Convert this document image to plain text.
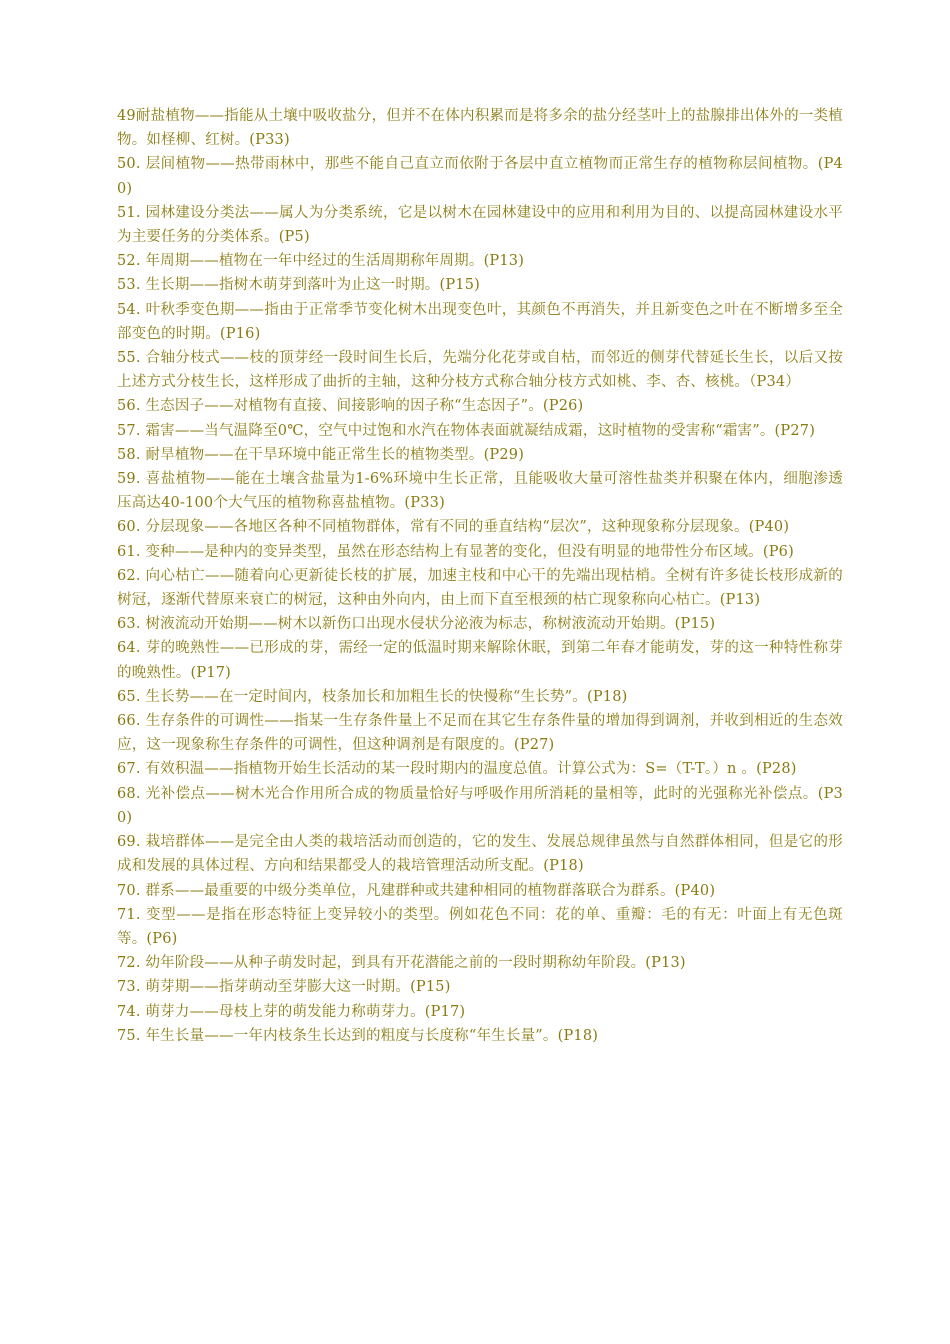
49耐盐植物——指能从土壤中吸收盐分，但并不在体内积累而是将多余的盐分经茎叶上的盐腺排出体外的一类植物。如柽柳、红树。(P33)

50. 层间植物——热带雨林中，那些不能自己直立而依附于各层中直立植物而正常生存的植物称层间植物。(P40)

51. 园林建设分类法——属人为分类系统，它是以树木在园林建设中的应用和利用为目的、以提高园林建设水平为主要任务的分类体系。(P5)

52. 年周期——植物在一年中经过的生活周期称年周期。(P13)

53. 生长期——指树木萌芽到落叶为止这一时期。(P15)

54. 叶秋季变色期——指由于正常季节变化树木出现变色叶，其颜色不再消失，并且新变色之叶在不断增多至全部变色的时期。(P16)

55. 合轴分枝式——枝的顶芽经一段时间生长后，先端分化花芽或自枯，而邻近的侧芽代替延长生长，以后又按上述方式分枝生长，这样形成了曲折的主轴，这种分枝方式称合轴分枝方式如桃、李、杏、核桃。（P34）

56. 生态因子——对植物有直接、间接影响的因子称“生态因子”。(P26)

57. 霜害——当气温降至0℃，空气中过饱和水汽在物体表面就凝结成霜，这时植物的受害称“霜害”。(P27)

58. 耐旱植物——在干旱环境中能正常生长的植物类型。(P29)

59. 喜盐植物——能在土壤含盐量为1-6%环境中生长正常，且能吸收大量可溶性盐类并积聚在体内，细胞渗透压高达40-100个大气压的植物称喜盐植物。(P33)

60. 分层现象——各地区各种不同植物群体，常有不同的垂直结构“层次”，这种现象称分层现象。(P40)

61. 变种——是种内的变异类型，虽然在形态结构上有显著的变化，但没有明显的地带性分布区域。(P6)

62. 向心枯亡——随着向心更新徒长枝的扩展，加速主枝和中心干的先端出现枯梢。全树有许多徒长枝形成新的树冠，逐渐代替原来衰亡的树冠，这种由外向内，由上而下直至根颈的枯亡现象称向心枯亡。(P13)

63. 树液流动开始期——树木以新伤口出现水侵状分泌液为标志，称树液流动开始期。(P15)

64. 芽的晚熟性——已形成的芽，需经一定的低温时期来解除休眠，到第二年春才能萌发，芽的这一种特性称芽的晚熟性。(P17)

65. 生长势——在一定时间内，枝条加长和加粗生长的快慢称“生长势”。(P18)

66. 生存条件的可调性——指某一生存条件量上不足而在其它生存条件量的增加得到调剂，并收到相近的生态效应，这一现象称生存条件的可调性，但这种调剂是有限度的。(P27)

67. 有效积温——指植物开始生长活动的某一段时期内的温度总值。计算公式为：S=（T-T。）n 。(P28)

68. 光补偿点——树木光合作用所合成的物质量恰好与呼吸作用所消耗的量相等，此时的光强称光补偿点。(P30)

69. 栽培群体——是完全由人类的栽培活动而创造的，它的发生、发展总规律虽然与自然群体相同，但是它的形成和发展的具体过程、方向和结果都受人的栽培管理活动所支配。(P18)

70. 群系——最重要的中级分类单位，凡建群种或共建种相同的植物群落联合为群系。(P40)

71. 变型——是指在形态特征上变异较小的类型。例如花色不同：花的单、重瓣：毛的有无：叶面上有无色斑等。(P6)

72. 幼年阶段——从种子萌发时起，到具有开花潜能之前的一段时期称幼年阶段。(P13)

73. 萌芽期——指芽萌动至芽膨大这一时期。(P15)

74. 萌芽力——母枝上芽的萌发能力称萌芽力。(P17)

75. 年生长量——一年内枝条生长达到的粗度与长度称“年生长量”。(P18)
